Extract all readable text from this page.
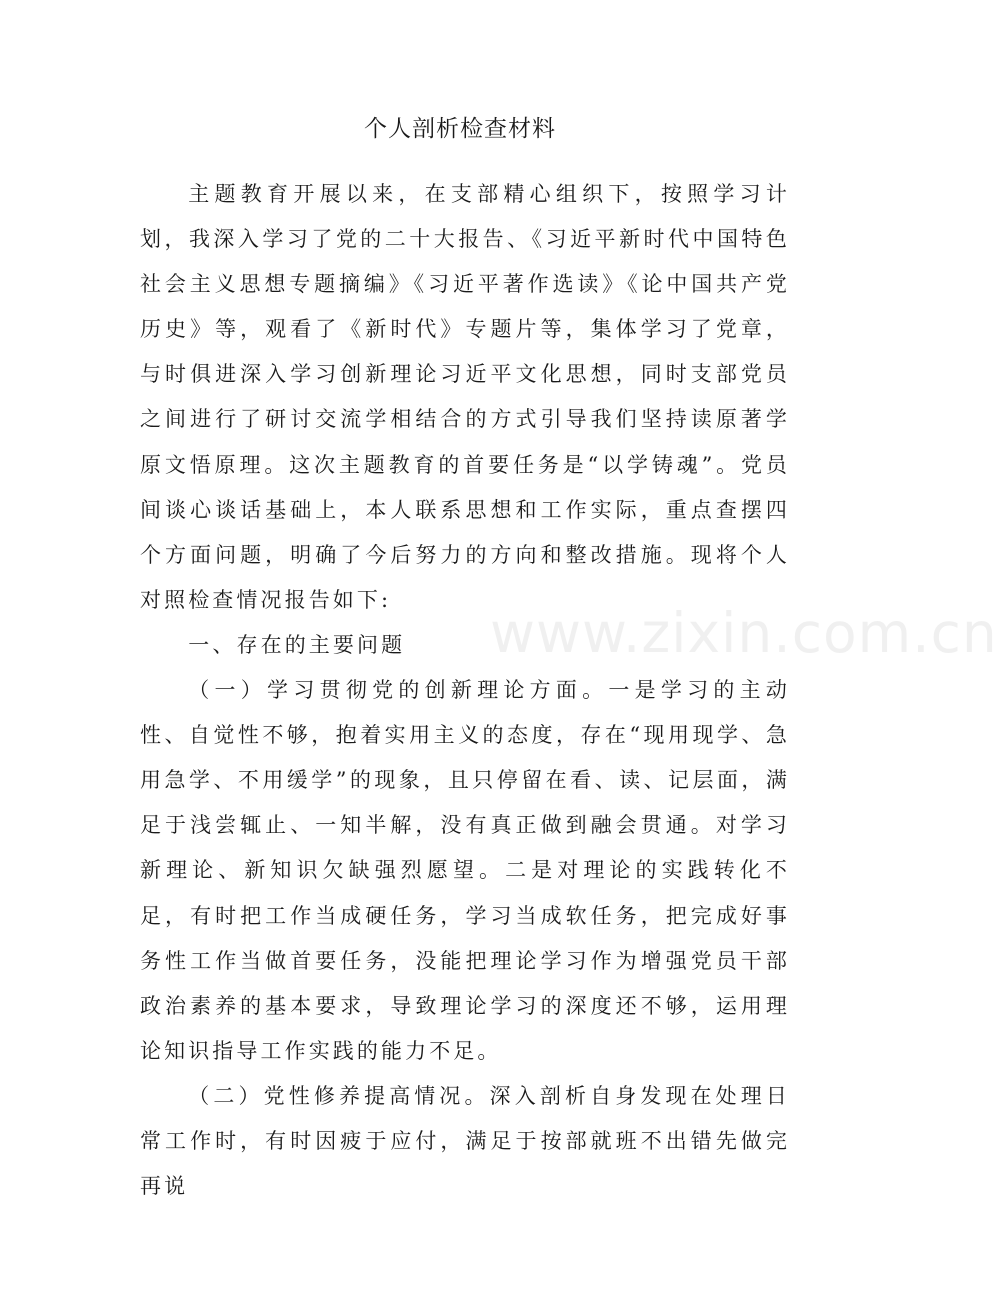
个人剖析检查材料

主题教育开展以来，在支部精心组织下，按照学习计划，我深入学习了党的二十大报告、《习近平新时代中国特色社会主义思想专题摘编》《习近平著作选读》《论中国共产党历史》等，观看了《新时代》专题片等，集体学习了党章，与时俱进深入学习创新理论习近平文化思想，同时支部党员之间进行了研讨交流学相结合的方式引导我们坚持读原著学原文悟原理。这次主题教育的首要任务是“以学铸魂”。党员间谈心谈话基础上，本人联系思想和工作实际，重点查摆四个方面问题，明确了今后努力的方向和整改措施。现将个人对照检查情况报告如下:

一、存在的主要问题

（一）学习贯彻党的创新理论方面。一是学习的主动性、自觉性不够，抱着实用主义的态度，存在“现用现学、急用急学、不用缓学”的现象，且只停留在看、读、记层面，满足于浅尝辄止、一知半解，没有真正做到融会贯通。对学习新理论、新知识欠缺强烈愿望。二是对理论的实践转化不足，有时把工作当成硬任务，学习当成软任务，把完成好事务性工作当做首要任务，没能把理论学习作为增强党员干部政治素养的基本要求，导致理论学习的深度还不够，运用理论知识指导工作实践的能力不足。

（二）党性修养提高情况。深入剖析自身发现在处理日常工作时，有时因疲于应付，满足于按部就班不出错先做完再说

www.zixin.com.cn
